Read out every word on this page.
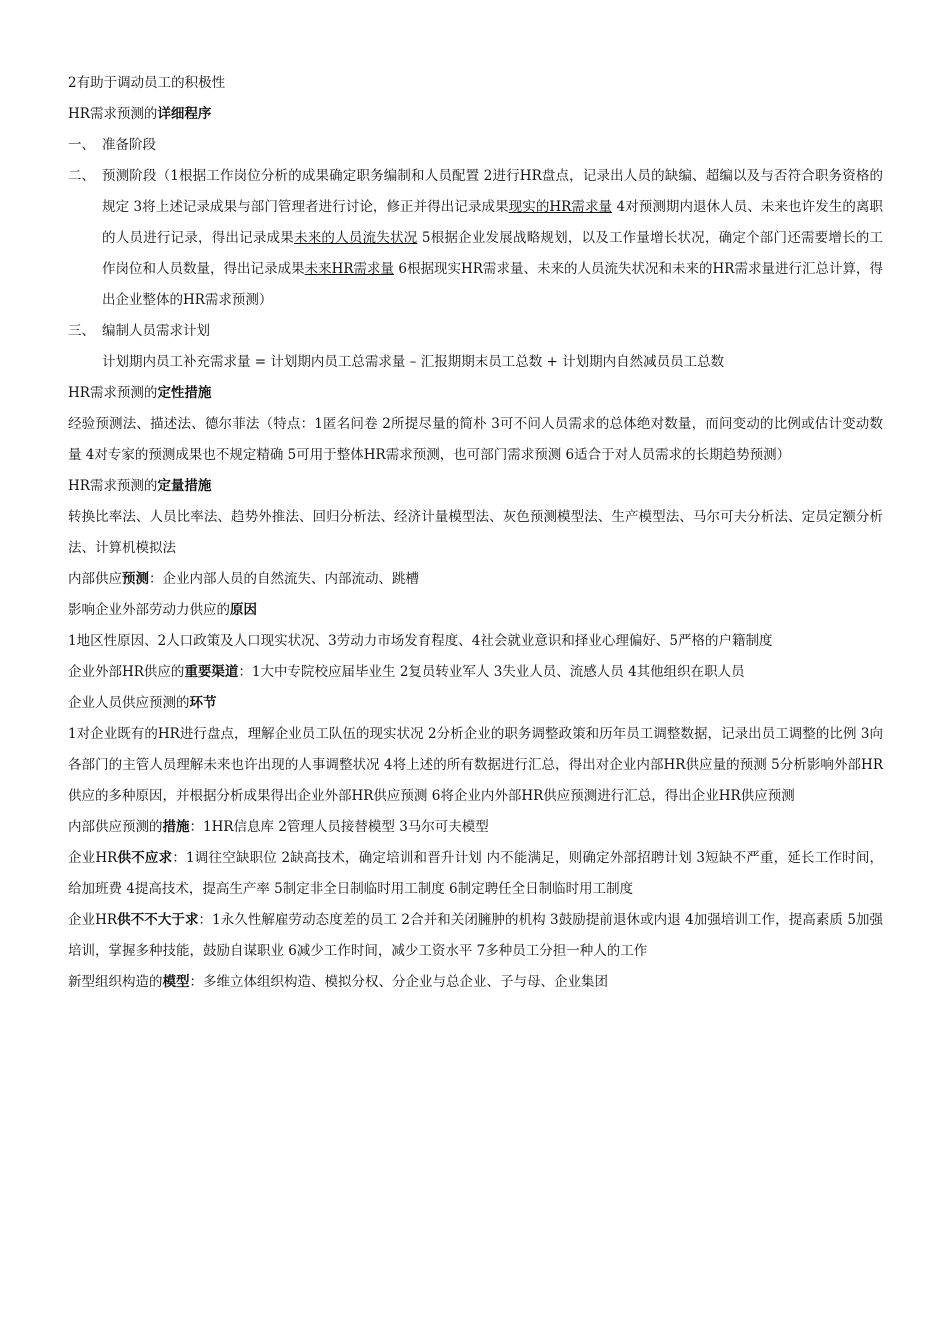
2有助于调动员工的积极性

HR需求预测的详细程序

一、 准备阶段
二、 预测阶段（1根据工作岗位分析的成果确定职务编制和人员配置 2进行HR盘点，记录出人员的缺编、超编以及与否符合职务资格的规定 3将上述记录成果与部门管理者进行讨论，修正并得出记录成果现实的HR需求量 4对预测期内退休人员、未来也许发生的离职的人员进行记录，得出记录成果未来的人员流失状况 5根据企业发展战略规划，以及工作量增长状况，确定个部门还需要增长的工作岗位和人员数量，得出记录成果未来HR需求量 6根据现实HR需求量、未来的人员流失状况和未来的HR需求量进行汇总计算，得出企业整体的HR需求预测）
三、 编制人员需求计划

计划期内员工补充需求量 = 计划期内员工总需求量 – 汇报期期末员工总数 + 计划期内自然减员员工总数

HR需求预测的定性措施

经验预测法、描述法、德尔菲法（特点：1匿名问卷 2所提尽量的简朴 3可不问人员需求的总体绝对数量，而问变动的比例或估计变动数量 4对专家的预测成果也不规定精确 5可用于整体HR需求预测，也可部门需求预测 6适合于对人员需求的长期趋势预测）

HR需求预测的定量措施

转换比率法、人员比率法、趋势外推法、回归分析法、经济计量模型法、灰色预测模型法、生产模型法、马尔可夫分析法、定员定额分析法、计算机模拟法

内部供应预测：企业内部人员的自然流失、内部流动、跳槽

影响企业外部劳动力供应的原因

1地区性原因、2人口政策及人口现实状况、3劳动力市场发育程度、4社会就业意识和择业心理偏好、5严格的户籍制度

企业外部HR供应的重要渠道：1大中专院校应届毕业生 2复员转业军人 3失业人员、流感人员 4其他组织在职人员

企业人员供应预测的环节

1对企业既有的HR进行盘点，理解企业员工队伍的现实状况 2分析企业的职务调整政策和历年员工调整数据，记录出员工调整的比例 3向各部门的主管人员理解未来也许出现的人事调整状况 4将上述的所有数据进行汇总，得出对企业内部HR供应量的预测 5分析影响外部HR供应的多种原因，并根据分析成果得出企业外部HR供应预测 6将企业内外部HR供应预测进行汇总，得出企业HR供应预测

内部供应预测的措施：1HR信息库 2管理人员接替模型 3马尔可夫模型

企业HR供不应求：1调往空缺职位 2缺高技术，确定培训和晋升计划 内不能满足，则确定外部招聘计划 3短缺不严重，延长工作时间，给加班费 4提高技术，提高生产率 5制定非全日制临时用工制度 6制定聘任全日制临时用工制度

企业HR供不不大于求：1永久性解雇劳动态度差的员工 2合并和关闭臃肿的机构 3鼓励提前退休或内退 4加强培训工作，提高素质 5加强培训，掌握多种技能，鼓励自谋职业 6减少工作时间，减少工资水平 7多种员工分担一种人的工作

新型组织构造的模型：多维立体组织构造、模拟分权、分企业与总企业、子与母、企业集团
